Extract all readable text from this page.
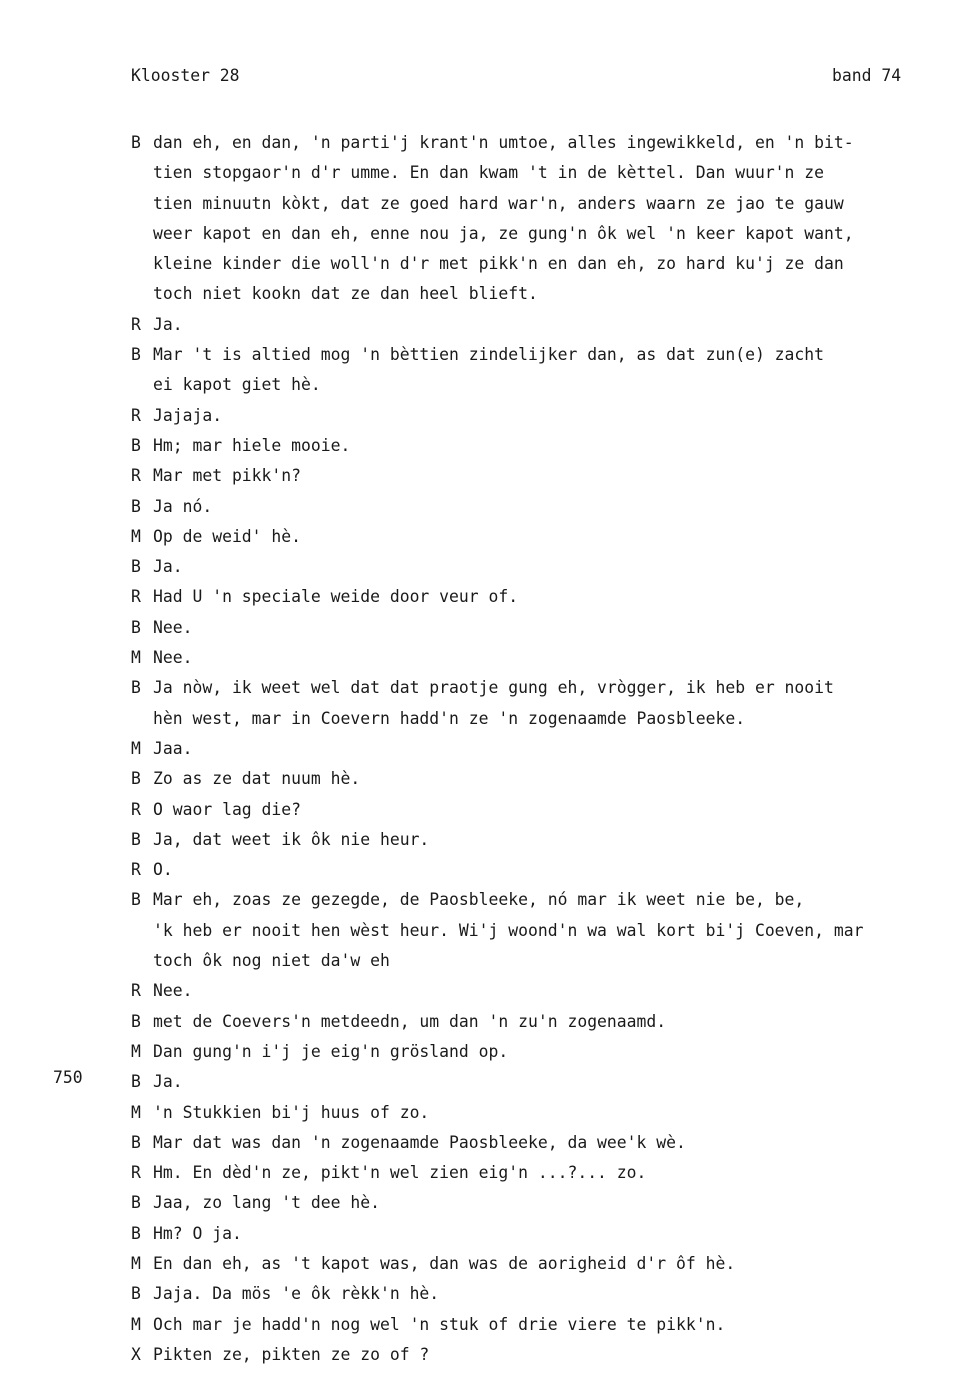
Klooster 28	band 74
750
B dan eh, en dan, 'n parti'j krant'n umtoe, alles ingewikkeld, en 'n bit-
tien stopgaor'n d'r umme. En dan kwam 't in de kèttel. Dan wuur'n ze
tien minuutn kòkt, dat ze goed hard war'n, anders waarn ze jao te gauw
weer kapot en dan eh, enne nou ja, ze gung'n ôk wel 'n keer kapot want,
kleine kinder die woll'n d'r met pikk'n en dan eh, zo hard ku'j ze dan
toch niet kookn dat ze dan heel blieft.
R Ja.
B Mar 't is altied mog 'n bèttien zindelijker dan, as dat zun(e) zacht
ei kapot giet hè.
R Jajaja.
B Hm; mar hiele mooie.
R Mar met pikk'n?
B Ja nó.
M Op de weid' hè.
B Ja.
R Had U 'n speciale weide door veur of.
B Nee.
M Nee.
B Ja nòw, ik weet wel dat dat praotje gung eh, vrògger, ik heb er nooit
hèn west, mar in Coevern hadd'n ze 'n zogenaamde Paosbleeke.
M Jaa.
B Zo as ze dat nuum hè.
R O waor lag die?
B Ja, dat weet ik ôk nie heur.
R O.
B Mar eh, zoas ze gezegde, de Paosbleeke, nó mar ik weet nie be, be,
'k heb er nooit hen wèst heur. Wi'j woond'n wa wal kort bi'j Coeven, mar
toch ôk nog niet da'w eh
R Nee.
B met de Coevers'n metdeedn, um dan 'n zu'n zogenaamd.
M Dan gung'n i'j je eig'n grösland op.
B Ja.
M 'n Stukkien bi'j huus of zo.
B Mar dat was dan 'n zogenaamde Paosbleeke, da wee'k wè.
R Hm. En dèd'n ze, pikt'n wel zien eig'n ...?... zo.
B Jaa, zo lang 't dee hè.
B Hm? O ja.
M En dan eh, as 't kapot was, dan was de aorigheid d'r ôf hè.
B Jaja. Da mös 'e ôk rèkk'n hè.
M Och mar je hadd'n nog wel 'n stuk of drie viere te pikk'n.
X Pikten ze, pikten ze zo of ?
